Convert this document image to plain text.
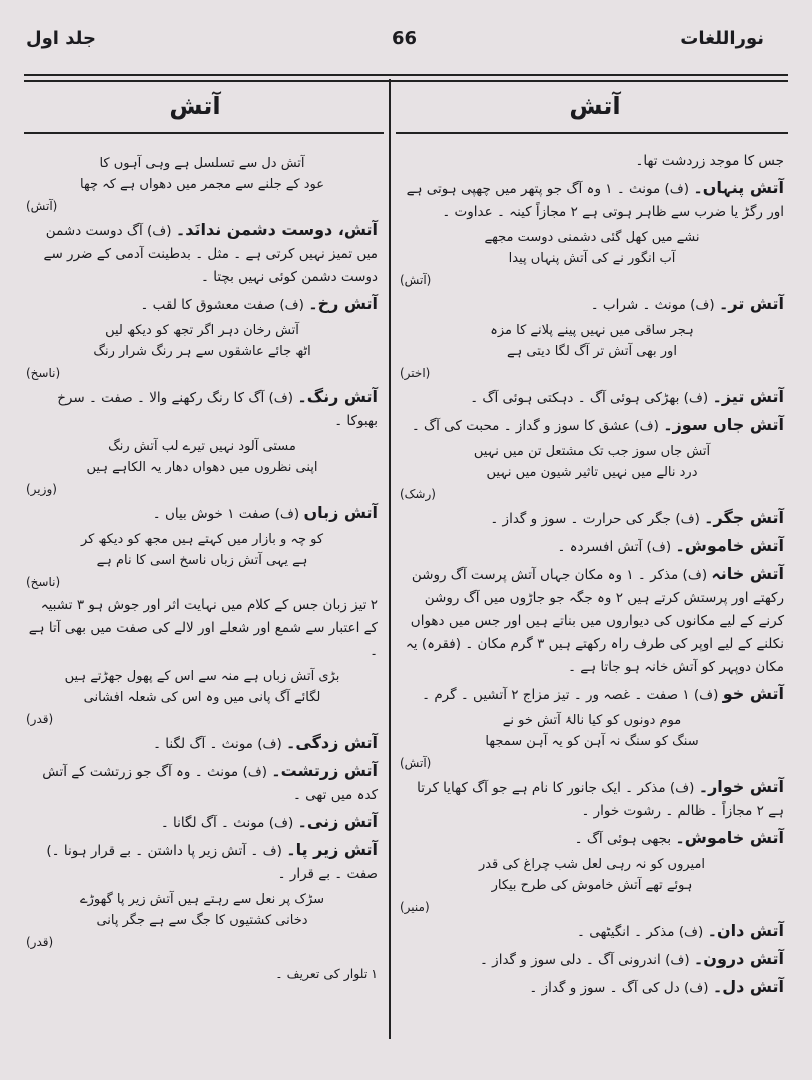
نوراللغات
66
جلد اول
آتش
آتش

جس کا موجد زردشت تھا۔

آتش پنہاں۔ (ف) مونث ۔ ١ وہ آگ جو پتھر میں چھپی ہوتی ہے اور رگڑ یا ضرب سے ظاہر ہوتی ہے ٢ مجازاً کینہ ۔ عداوت ۔

نشے میں کھل گئی دشمنی دوست مجھے
آب انگور نے کی آتش پنہاں پیدا
(آتش)

آتش تر۔ (ف) مونث ۔ شراب ۔

ہجر ساقی میں نہیں پینے پلانے کا مزہ
اور بھی آتش تر آگ لگا دیتی ہے
(اختر)

آتش تیز۔ (ف) بھڑکی ہوئی آگ ۔ دہکتی ہوئی آگ ۔

آتش جاں سوز۔ (ف) عشق کا سوز و گداز ۔ محبت کی آگ ۔

آتش جاں سوز جب تک مشتعل تن میں نہیں
درد نالے میں نہیں تاثیر شیون میں نہیں
(رشک)

آتش جگر۔ (ف) جگر کی حرارت ۔ سوز و گداز ۔

آتش خاموش۔ (ف) آتش افسردہ ۔

آتش خانہ (ف) مذکر ۔ ١ وہ مکان جہاں آتش پرست آگ روشن رکھتے اور پرستش کرتے ہیں ٢ وہ جگہ جو جاڑوں میں آگ روشن کرنے کے لیے مکانوں کی دیواروں میں بناتے ہیں اور جس میں دھواں نکلنے کے لیے اوپر کی طرف راہ رکھتے ہیں ٣ گرم مکان ۔ (فقرہ) یہ مکان دوپہر کو آتش خانہ ہو جاتا ہے ۔

آتش خو (ف) ١ صفت ۔ غصہ ور ۔ تیز مزاج ٢ آتشیں ۔ گرم ۔

موم دونوں کو کیا نالۂ آتش خو نے
سنگ کو سنگ نہ آہن کو یہ آہن سمجھا
(آتش)

آتش خوار۔ (ف) مذکر ۔ ایک جانور کا نام ہے جو آگ کھایا کرتا ہے ٢ مجازاً ۔ ظالم ۔ رشوت خوار ۔

آتش خاموش۔ بجھی ہوئی آگ ۔

امیروں کو نہ رہی لعل شب چراغ کی قدر
ہوئے تھے آتش خاموش کی طرح بیکار
(منیر)

آتش دان۔ (ف) مذکر ۔ انگیٹھی ۔

آتش درون۔ (ف) اندرونی آگ ۔ دلی سوز و گداز ۔

آتش دل۔ (ف) دل کی آگ ۔ سوز و گداز ۔

آتش دل سے تسلسل ہے وہی آہوں کا
عود کے جلنے سے مجمر میں دھواں ہے کہ چھا
(آتش)

آتش، دوست دشمن ندانَد۔ (ف) آگ دوست دشمن میں تمیز نہیں کرتی ہے ۔ مثل ۔ بدطینت آدمی کے ضرر سے دوست دشمن کوئی نہیں بچتا ۔

آتش رخ۔ (ف) صفت معشوق کا لقب ۔

آتش رخان دہر اگر تجھ کو دیکھ لیں
اٹھ جائے عاشقوں سے ہر رنگ شرار رنگ
(ناسخ)

آتش رنگ۔ (ف) آگ کا رنگ رکھنے والا ۔ صفت ۔ سرخ بھبوکا ۔

مستی آلود نہیں تیرے لب آتش رنگ
اپنی نظروں میں دھواں دھار یہ الکاہے ہیں
(وزیر)

آتش زباں (ف) صفت ١ خوش بیاں ۔

کو چہ و بازار میں کہتے ہیں مجھ کو دیکھ کر
ہے یہی آتش زباں ناسخ اسی کا نام ہے
(ناسخ)

٢ تیز زبان جس کے کلام میں نہایت اثر اور جوش ہو ٣ تشبیہ کے اعتبار سے شمع اور شعلے اور لالے کی صفت میں بھی آتا ہے ۔

بڑی آتش زباں ہے منہ سے اس کے پھول جھڑتے ہیں
لگائے آگ پانی میں وہ اس کی شعلہ افشانی
(قدر)

آتش زدگی۔ (ف) مونث ۔ آگ لگنا ۔

آتش زرتشت۔ (ف) مونث ۔ وہ آگ جو زرتشت کے آتش کدہ میں تھی ۔

آتش زنی۔ (ف) مونث ۔ آگ لگانا ۔

آتش زیر پا۔ (ف ۔ آتش زیر پا داشتن ۔ بے قرار ہونا ۔) صفت ۔ بے قرار ۔

سڑک پر نعل سے رہتے ہیں آتش زیر پا گھوڑے
دخانی کشتیوں کا جگ سے ہے جگر پانی
(قدر)
١ تلوار کی تعریف ۔
